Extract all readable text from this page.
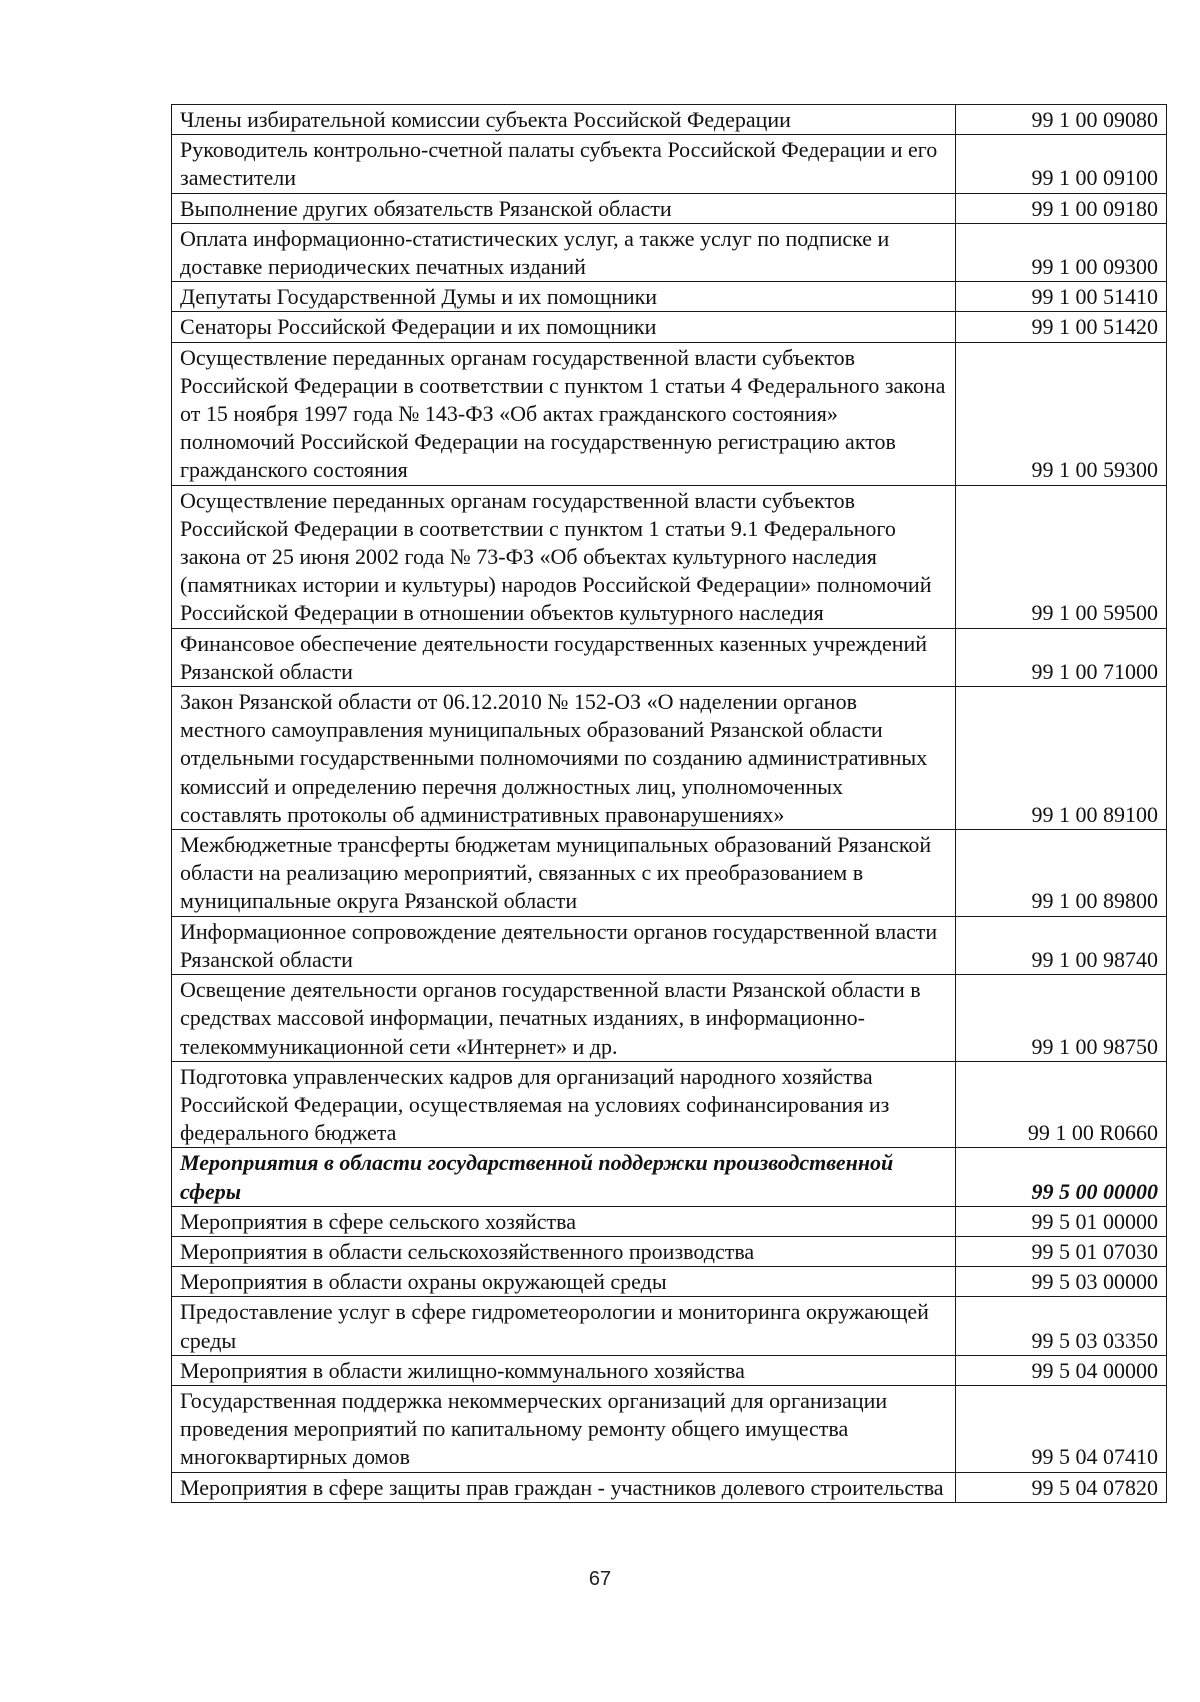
Члены избирательной комиссии субъекта Российской Федерации	99 1 00 09080
Руководитель контрольно-счетной палаты субъекта Российской Федерации и его заместители	99 1 00 09100
Выполнение других обязательств Рязанской области	99 1 00 09180
Оплата информационно-статистических услуг, а также услуг по подписке и доставке периодических печатных изданий	99 1 00 09300
Депутаты Государственной Думы и их помощники	99 1 00 51410
Сенаторы Российской Федерации и их помощники	99 1 00 51420
Осуществление переданных органам государственной власти субъектов Российской Федерации в соответствии с пунктом 1 статьи 4 Федерального закона от 15 ноября 1997 года № 143-ФЗ «Об актах гражданского состояния» полномочий Российской Федерации на государственную регистрацию актов гражданского состояния	99 1 00 59300
Осуществление переданных органам государственной власти субъектов Российской Федерации в соответствии с пунктом 1 статьи 9.1 Федерального закона от 25 июня 2002 года № 73-ФЗ «Об объектах культурного наследия (памятниках истории и культуры) народов Российской Федерации» полномочий Российской Федерации в отношении объектов культурного наследия	99 1 00 59500
Финансовое обеспечение деятельности государственных казенных учреждений Рязанской области	99 1 00 71000
Закон Рязанской области от 06.12.2010 № 152-ОЗ «О наделении органов местного самоуправления муниципальных образований Рязанской области отдельными государственными полномочиями по созданию административных комиссий и определению перечня должностных лиц, уполномоченных составлять протоколы об административных правонарушениях»	99 1 00 89100
Межбюджетные трансферты бюджетам муниципальных образований Рязанской области на реализацию мероприятий, связанных с их преобразованием в муниципальные округа Рязанской области	99 1 00 89800
Информационное сопровождение деятельности органов государственной власти Рязанской области	99 1 00 98740
Освещение деятельности органов государственной власти Рязанской области в средствах массовой информации, печатных изданиях, в информационно-телекоммуникационной сети «Интернет» и др.	99 1 00 98750
Подготовка управленческих кадров для организаций народного хозяйства Российской Федерации, осуществляемая на условиях софинансирования из федерального бюджета	99 1 00 R0660
Мероприятия в области государственной поддержки производственной сферы	99 5 00 00000
Мероприятия в сфере сельского хозяйства	99 5 01 00000
Мероприятия в области сельскохозяйственного производства	99 5 01 07030
Мероприятия в области охраны окружающей среды	99 5 03 00000
Предоставление услуг в сфере гидрометеорологии и мониторинга окружающей среды	99 5 03 03350
Мероприятия в области жилищно-коммунального хозяйства	99 5 04 00000
Государственная поддержка некоммерческих организаций для организации проведения мероприятий по капитальному ремонту общего имущества многоквартирных домов	99 5 04 07410
Мероприятия в сфере защиты прав граждан - участников долевого строительства	99 5 04 07820
67
